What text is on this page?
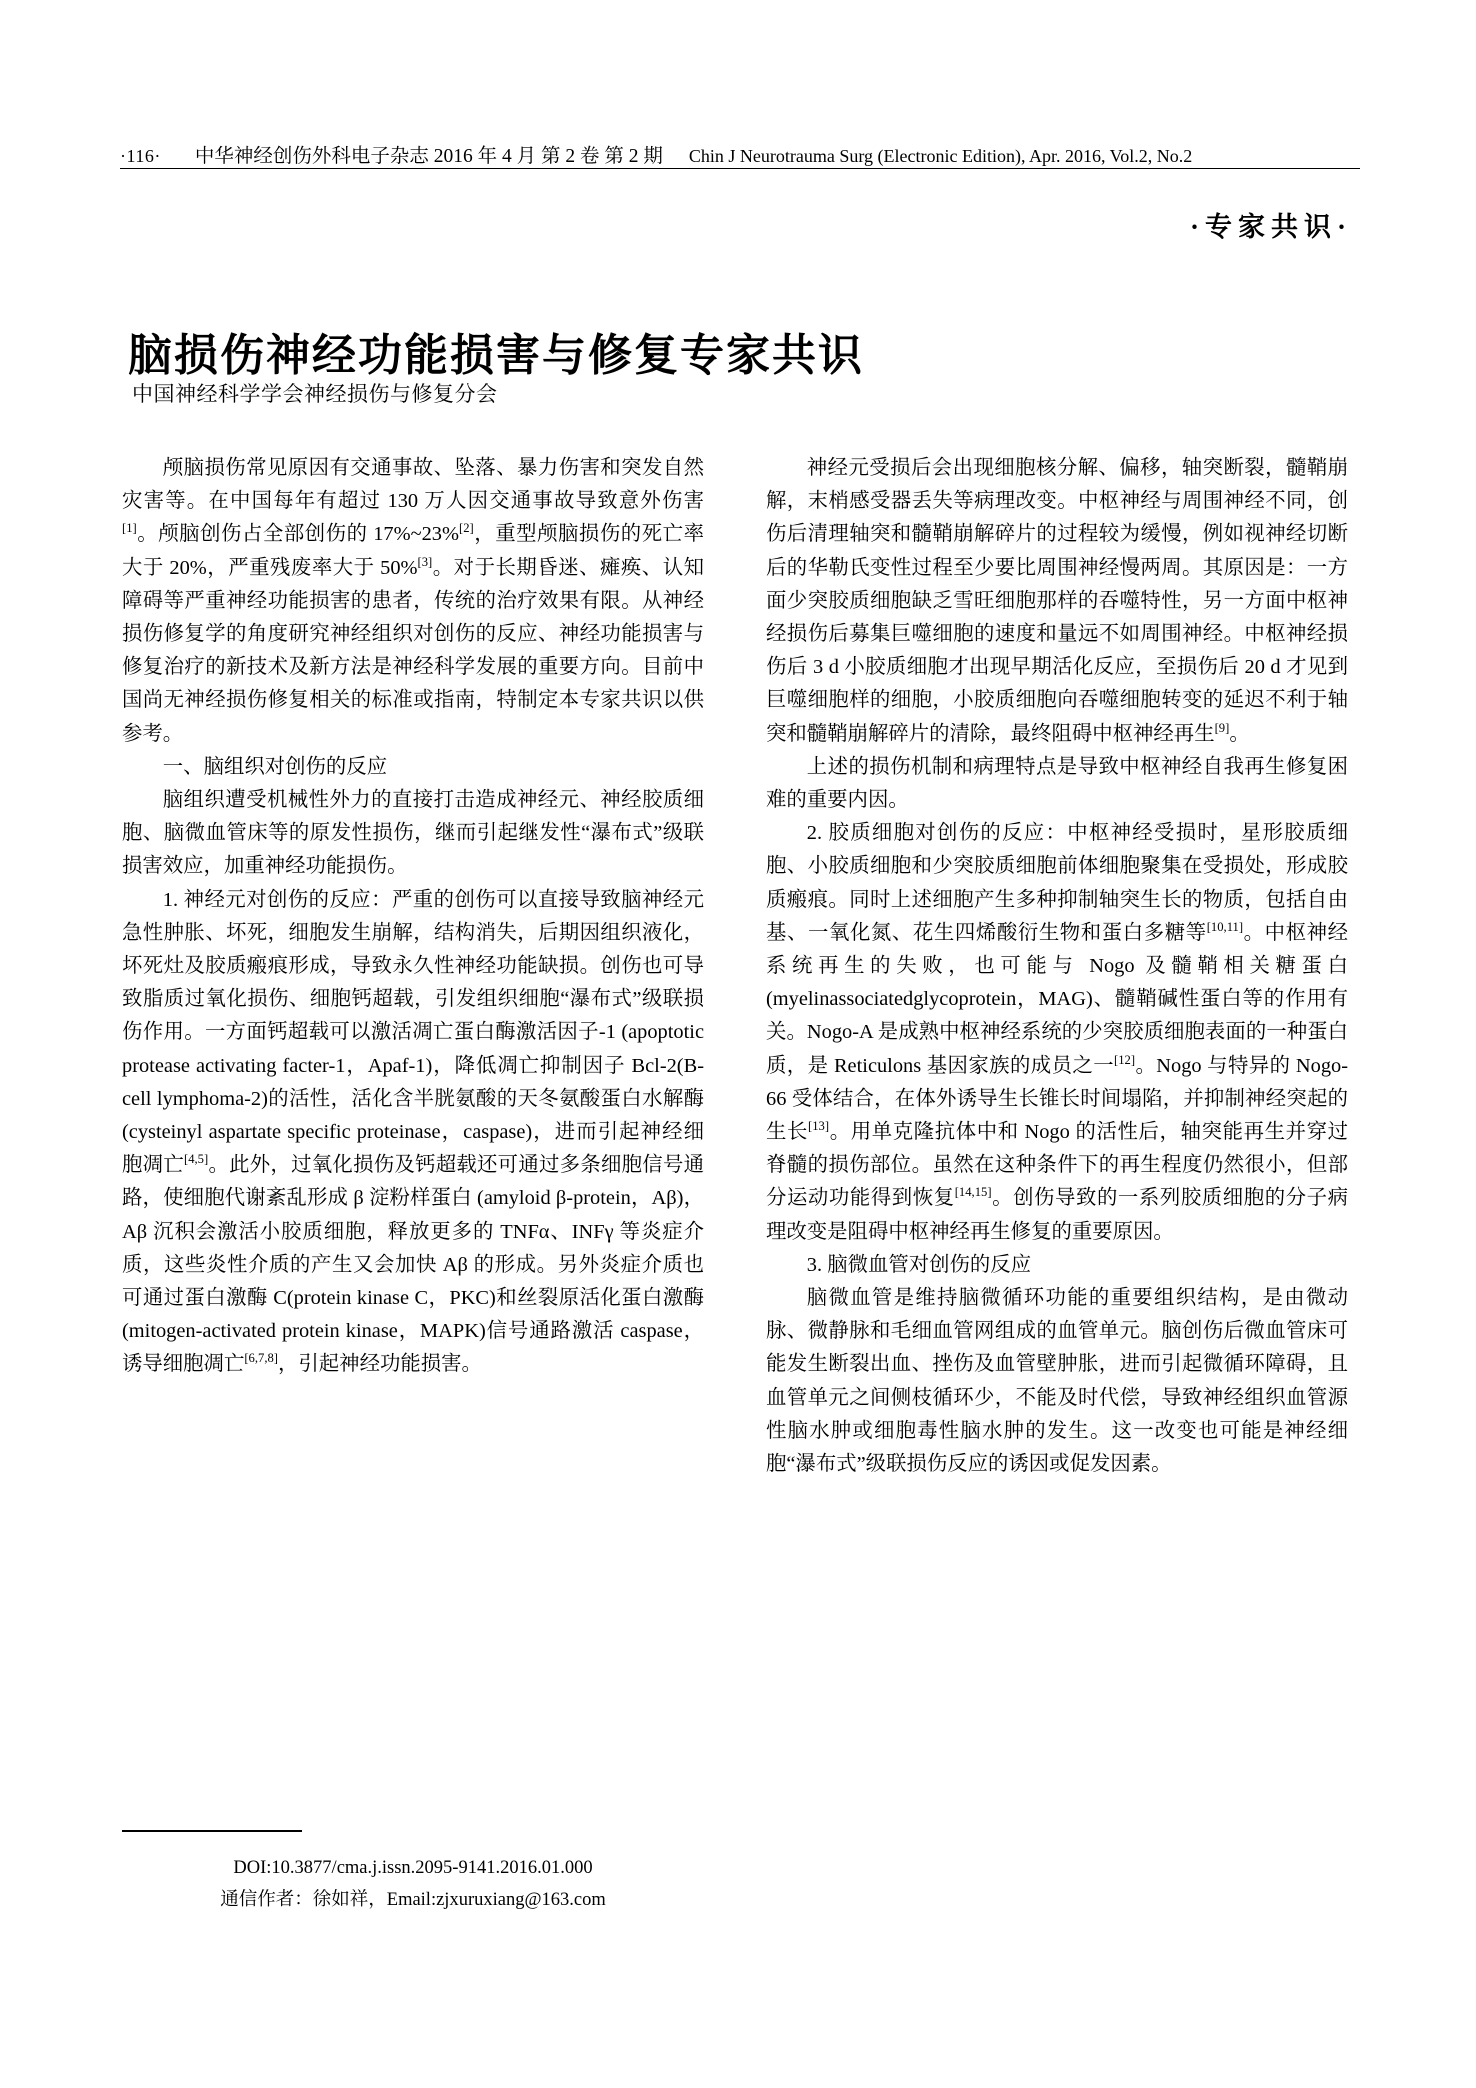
·116· 中华神经创伤外科电子杂志 2016 年 4 月 第 2 卷 第 2 期 Chin J Neurotrauma Surg (Electronic Edition), Apr. 2016, Vol.2, No.2
·专家共识·
脑损伤神经功能损害与修复专家共识
中国神经科学学会神经损伤与修复分会

颅脑损伤常见原因有交通事故、坠落、暴力伤害和突发自然灾害等。在中国每年有超过 130 万人因交通事故导致意外伤害[1]。颅脑创伤占全部创伤的 17%~23%[2]，重型颅脑损伤的死亡率大于 20%，严重残废率大于 50%[3]。对于长期昏迷、瘫痪、认知障碍等严重神经功能损害的患者，传统的治疗效果有限。从神经损伤修复学的角度研究神经组织对创伤的反应、神经功能损害与修复治疗的新技术及新方法是神经科学发展的重要方向。目前中国尚无神经损伤修复相关的标准或指南，特制定本专家共识以供参考。

一、脑组织对创伤的反应

脑组织遭受机械性外力的直接打击造成神经元、神经胶质细胞、脑微血管床等的原发性损伤，继而引起继发性“瀑布式”级联损害效应，加重神经功能损伤。

1. 神经元对创伤的反应：严重的创伤可以直接导致脑神经元急性肿胀、坏死，细胞发生崩解，结构消失，后期因组织液化，坏死灶及胶质瘢痕形成，导致永久性神经功能缺损。创伤也可导致脂质过氧化损伤、细胞钙超载，引发组织细胞“瀑布式”级联损伤作用。一方面钙超载可以激活凋亡蛋白酶激活因子-1 (apoptotic protease activating facter-1，Apaf-1)，降低凋亡抑制因子 Bcl-2(B-cell lymphoma-2)的活性，活化含半胱氨酸的天冬氨酸蛋白水解酶(cysteinyl aspartate specific proteinase，caspase)，进而引起神经细胞凋亡[4,5]。此外，过氧化损伤及钙超载还可通过多条细胞信号通路，使细胞代谢紊乱形成 β 淀粉样蛋白 (amyloid β-protein，Aβ)，Aβ 沉积会激活小胶质细胞，释放更多的 TNFα、INFγ 等炎症介质，这些炎性介质的产生又会加快 Aβ 的形成。另外炎症介质也可通过蛋白激酶 C(protein kinase C，PKC)和丝裂原活化蛋白激酶 (mitogen-activated protein kinase，MAPK)信号通路激活 caspase，诱导细胞凋亡[6,7,8]，引起神经功能损害。

神经元受损后会出现细胞核分解、偏移，轴突断裂，髓鞘崩解，末梢感受器丢失等病理改变。中枢神经与周围神经不同，创伤后清理轴突和髓鞘崩解碎片的过程较为缓慢，例如视神经切断后的华勒氏变性过程至少要比周围神经慢两周。其原因是：一方面少突胶质细胞缺乏雪旺细胞那样的吞噬特性，另一方面中枢神经损伤后募集巨噬细胞的速度和量远不如周围神经。中枢神经损伤后 3 d 小胶质细胞才出现早期活化反应，至损伤后 20 d 才见到巨噬细胞样的细胞，小胶质细胞向吞噬细胞转变的延迟不利于轴突和髓鞘崩解碎片的清除，最终阻碍中枢神经再生[9]。

上述的损伤机制和病理特点是导致中枢神经自我再生修复困难的重要内因。

2. 胶质细胞对创伤的反应：中枢神经受损时，星形胶质细胞、小胶质细胞和少突胶质细胞前体细胞聚集在受损处，形成胶质瘢痕。同时上述细胞产生多种抑制轴突生长的物质，包括自由基、一氧化氮、花生四烯酸衍生物和蛋白多糖等[10,11]。中枢神经系统再生的失败，也可能与 Nogo 及髓鞘相关糖蛋白(myelinassociatedglycoprotein，MAG)、髓鞘碱性蛋白等的作用有关。Nogo-A 是成熟中枢神经系统的少突胶质细胞表面的一种蛋白质，是 Reticulons 基因家族的成员之一[12]。Nogo 与特异的 Nogo-66 受体结合，在体外诱导生长锥长时间塌陷，并抑制神经突起的生长[13]。用单克隆抗体中和 Nogo 的活性后，轴突能再生并穿过脊髓的损伤部位。虽然在这种条件下的再生程度仍然很小，但部分运动功能得到恢复[14,15]。创伤导致的一系列胶质细胞的分子病理改变是阻碍中枢神经再生修复的重要原因。

3. 脑微血管对创伤的反应

脑微血管是维持脑微循环功能的重要组织结构，是由微动脉、微静脉和毛细血管网组成的血管单元。脑创伤后微血管床可能发生断裂出血、挫伤及血管壁肿胀，进而引起微循环障碍，且血管单元之间侧枝循环少，不能及时代偿，导致神经组织血管源性脑水肿或细胞毒性脑水肿的发生。这一改变也可能是神经细胞“瀑布式”级联损伤反应的诱因或促发因素。

DOI:10.3877/cma.j.issn.2095-9141.2016.01.000
通信作者：徐如祥，Email:zjxuruxiang@163.com
